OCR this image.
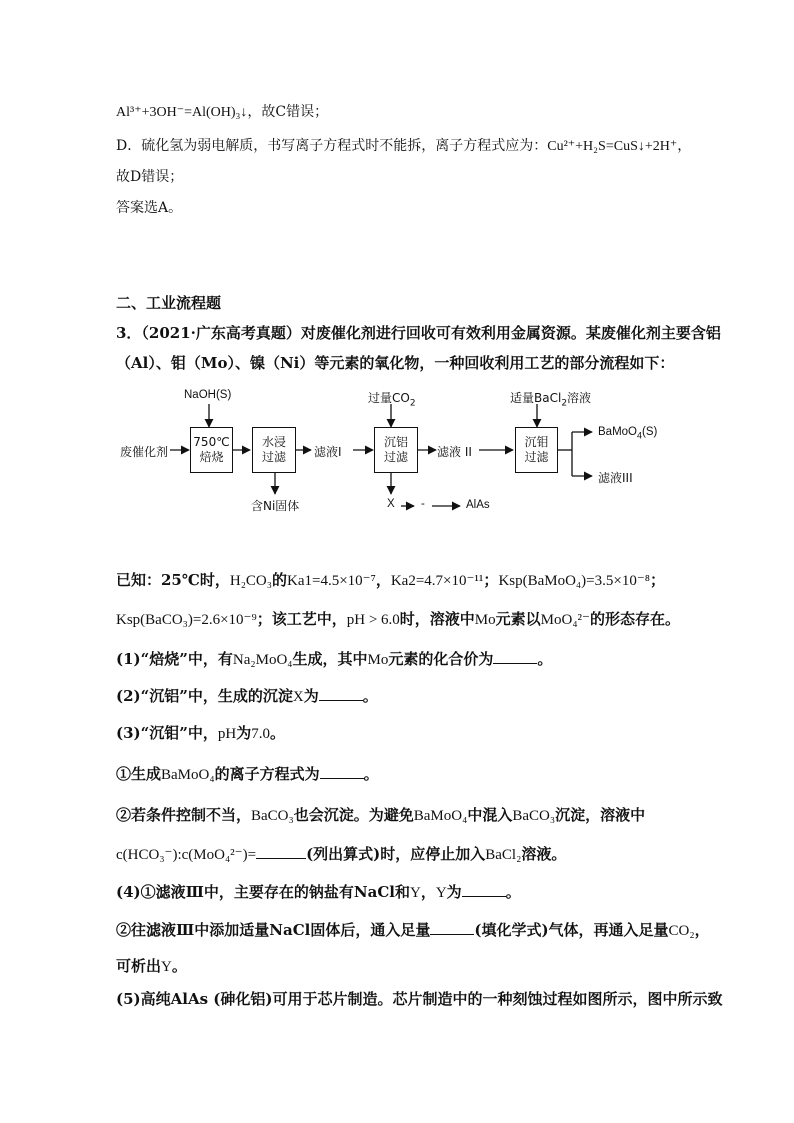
Al³⁺+3OH⁻=Al(OH)₃↓，故C错误；
D．硫化氢为弱电解质，书写离子方程式时不能拆，离子方程式应为：Cu²⁺+H₂S=CuS↓+2H⁺，
故D错误；
答案选A。
二、工业流程题
3．（2021·广东高考真题）对废催化剂进行回收可有效利用金属资源。某废催化剂主要含铝
（Al）、钼（Mo）、镍（Ni）等元素的氧化物，一种回收利用工艺的部分流程如下：
废催化剂
NaOH(S)
750℃
焙烧
水浸
过滤
含Ni固体
滤液I
过量$CO_2$
沉铝
过滤
X -	AlAs
滤液 II
适量BaCl$_2$溶液
沉钼
过滤
BaMoO$_4$(S)
滤液III
已知：25℃时，H₂CO₃的Ka1=4.5×10⁻⁷，Ka2=4.7×10⁻¹¹；Ksp(BaMoO₄)=3.5×10⁻⁸；
Ksp(BaCO₃)=2.6×10⁻⁹；该工艺中，pH > 6.0时，溶液中Mo元素以MoO₄²⁻的形态存在。
(1)“焙烧”中，有Na₂MoO₄生成，其中Mo元素的化合价为	。
(2)“沉铝”中，生成的沉淀X为	。
(3)“沉钼”中，pH为7.0。
①生成BaMoO₄的离子方程式为	。
②若条件控制不当，BaCO₃也会沉淀。为避免BaMoO₄中混入BaCO₃沉淀，溶液中
c(HCO₃⁻):c(MoO₄²⁻)=	(列出算式)时，应停止加入BaCl₂溶液。
(4)①滤液Ⅲ中，主要存在的钠盐有NaCl和Y，Y为	。
②往滤液Ⅲ中添加适量NaCl固体后，通入足量	(填化学式)气体，再通入足量CO₂，
可析出Y。
(5)高纯AlAs (砷化铝)可用于芯片制造。芯片制造中的一种刻蚀过程如图所示，图中所示致
